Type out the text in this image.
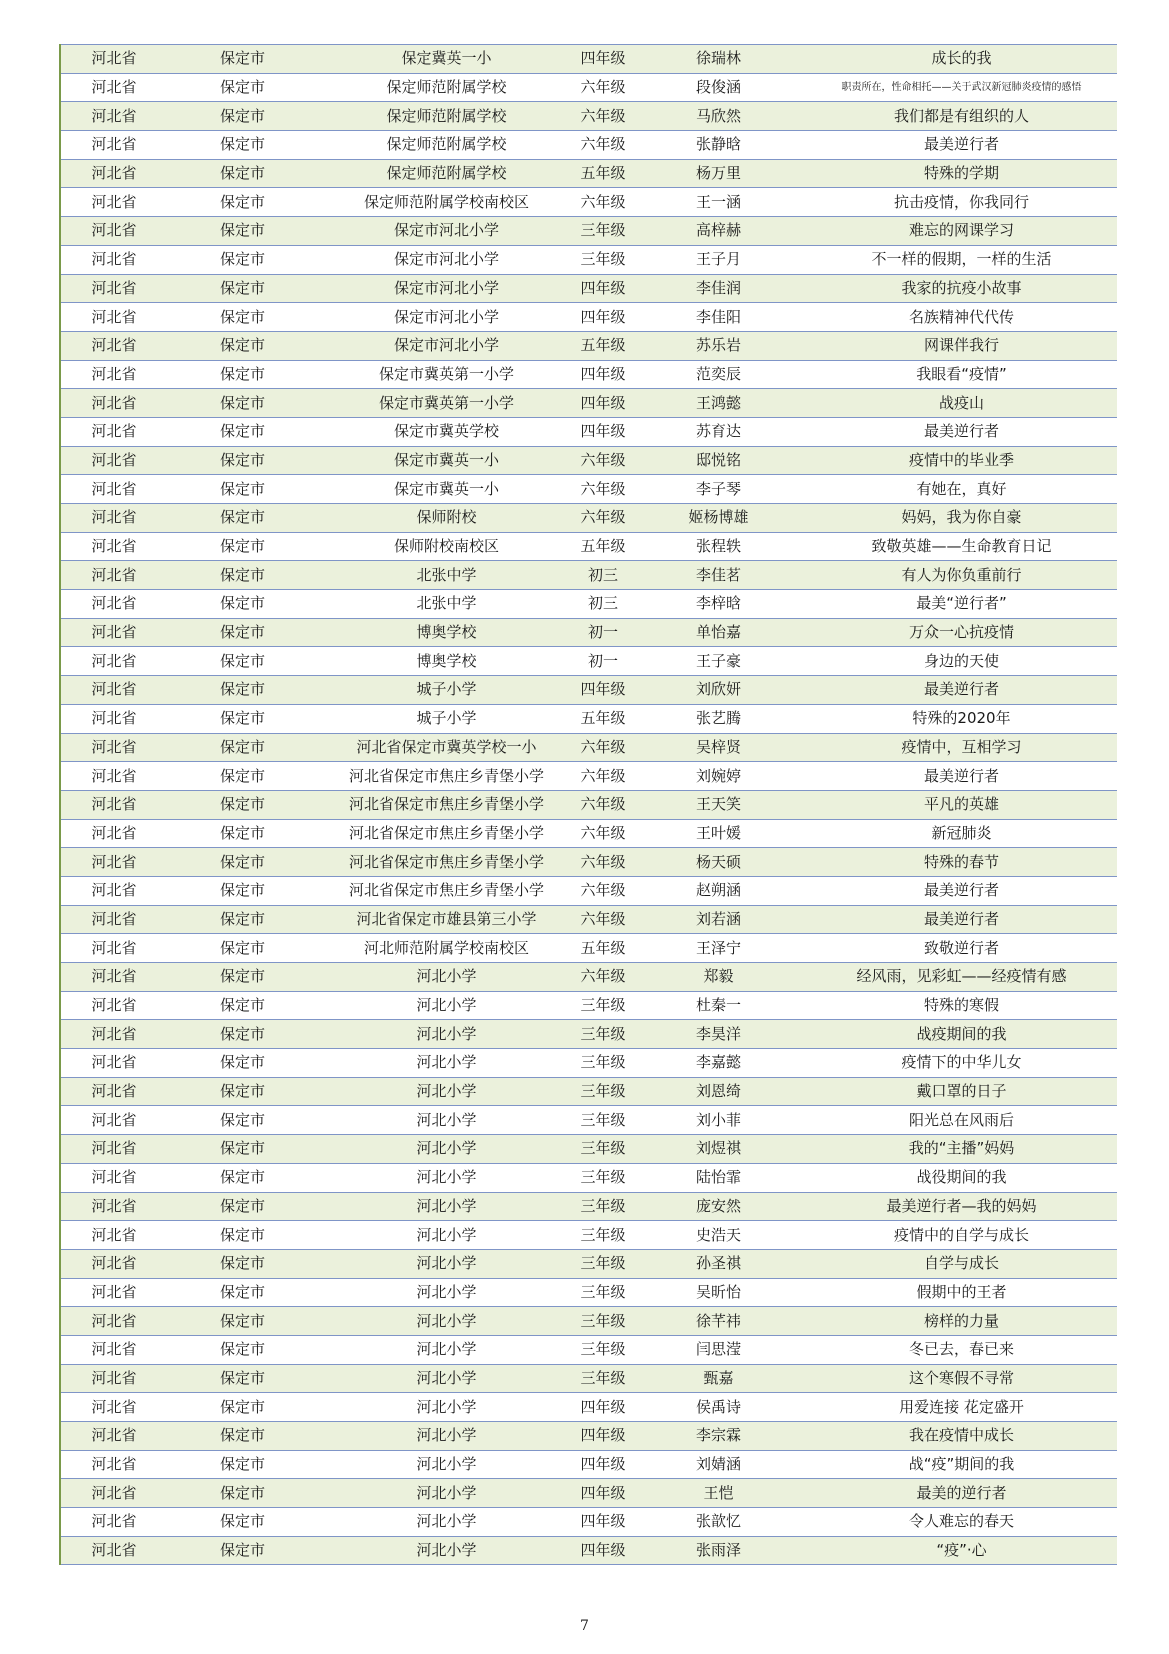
河北省	保定市	保定冀英一小	四年级	徐瑞林	成长的我
河北省	保定市	保定师范附属学校	六年级	段俊涵	职责所在，性命相托——关于武汉新冠肺炎疫情的感悟
河北省	保定市	保定师范附属学校	六年级	马欣然	我们都是有组织的人
河北省	保定市	保定师范附属学校	六年级	张静晗	最美逆行者
河北省	保定市	保定师范附属学校	五年级	杨万里	特殊的学期
河北省	保定市	保定师范附属学校南校区	六年级	王一涵	抗击疫情，你我同行
河北省	保定市	保定市河北小学	三年级	高梓赫	难忘的网课学习
河北省	保定市	保定市河北小学	三年级	王子月	不一样的假期，一样的生活
河北省	保定市	保定市河北小学	四年级	李佳润	我家的抗疫小故事
河北省	保定市	保定市河北小学	四年级	李佳阳	名族精神代代传
河北省	保定市	保定市河北小学	五年级	苏乐岩	网课伴我行
河北省	保定市	保定市冀英第一小学	四年级	范奕辰	我眼看“疫情”
河北省	保定市	保定市冀英第一小学	四年级	王鸿懿	战疫山
河北省	保定市	保定市冀英学校	四年级	苏育达	最美逆行者
河北省	保定市	保定市冀英一小	六年级	邸悦铭	疫情中的毕业季
河北省	保定市	保定市冀英一小	六年级	李子琴	有她在，真好
河北省	保定市	保师附校	六年级	姬杨博雄	妈妈，我为你自豪
河北省	保定市	保师附校南校区	五年级	张程轶	致敬英雄——生命教育日记
河北省	保定市	北张中学	初三	李佳茗	有人为你负重前行
河北省	保定市	北张中学	初三	李梓晗	最美“逆行者”
河北省	保定市	博奥学校	初一	单怡嘉	万众一心抗疫情
河北省	保定市	博奥学校	初一	王子豪	身边的天使
河北省	保定市	城子小学	四年级	刘欣妍	最美逆行者
河北省	保定市	城子小学	五年级	张艺腾	特殊的2020年
河北省	保定市	河北省保定市冀英学校一小	六年级	吴梓贤	疫情中，互相学习
河北省	保定市	河北省保定市焦庄乡青堡小学	六年级	刘婉婷	最美逆行者
河北省	保定市	河北省保定市焦庄乡青堡小学	六年级	王天笑	平凡的英雄
河北省	保定市	河北省保定市焦庄乡青堡小学	六年级	王叶媛	新冠肺炎
河北省	保定市	河北省保定市焦庄乡青堡小学	六年级	杨天硕	特殊的春节
河北省	保定市	河北省保定市焦庄乡青堡小学	六年级	赵朔涵	最美逆行者
河北省	保定市	河北省保定市雄县第三小学	六年级	刘若涵	最美逆行者
河北省	保定市	河北师范附属学校南校区	五年级	王泽宁	致敬逆行者
河北省	保定市	河北小学	六年级	郑毅	经风雨，见彩虹——经疫情有感
河北省	保定市	河北小学	三年级	杜秦一	特殊的寒假
河北省	保定市	河北小学	三年级	李昊洋	战疫期间的我
河北省	保定市	河北小学	三年级	李嘉懿	疫情下的中华儿女
河北省	保定市	河北小学	三年级	刘恩绮	戴口罩的日子
河北省	保定市	河北小学	三年级	刘小菲	阳光总在风雨后
河北省	保定市	河北小学	三年级	刘煜祺	我的“主播”妈妈
河北省	保定市	河北小学	三年级	陆怡霏	战役期间的我
河北省	保定市	河北小学	三年级	庞安然	最美逆行者—我的妈妈
河北省	保定市	河北小学	三年级	史浩天	疫情中的自学与成长
河北省	保定市	河北小学	三年级	孙圣祺	自学与成长
河北省	保定市	河北小学	三年级	吴昕怡	假期中的王者
河北省	保定市	河北小学	三年级	徐芊祎	榜样的力量
河北省	保定市	河北小学	三年级	闫思滢	冬已去，春已来
河北省	保定市	河北小学	三年级	甄嘉	这个寒假不寻常
河北省	保定市	河北小学	四年级	侯禹诗	用爱连接 花定盛开
河北省	保定市	河北小学	四年级	李宗霖	我在疫情中成长
河北省	保定市	河北小学	四年级	刘婧涵	战“疫”期间的我
河北省	保定市	河北小学	四年级	王恺	最美的逆行者
河北省	保定市	河北小学	四年级	张歆忆	令人难忘的春天
河北省	保定市	河北小学	四年级	张雨泽	“疫”·心
7
